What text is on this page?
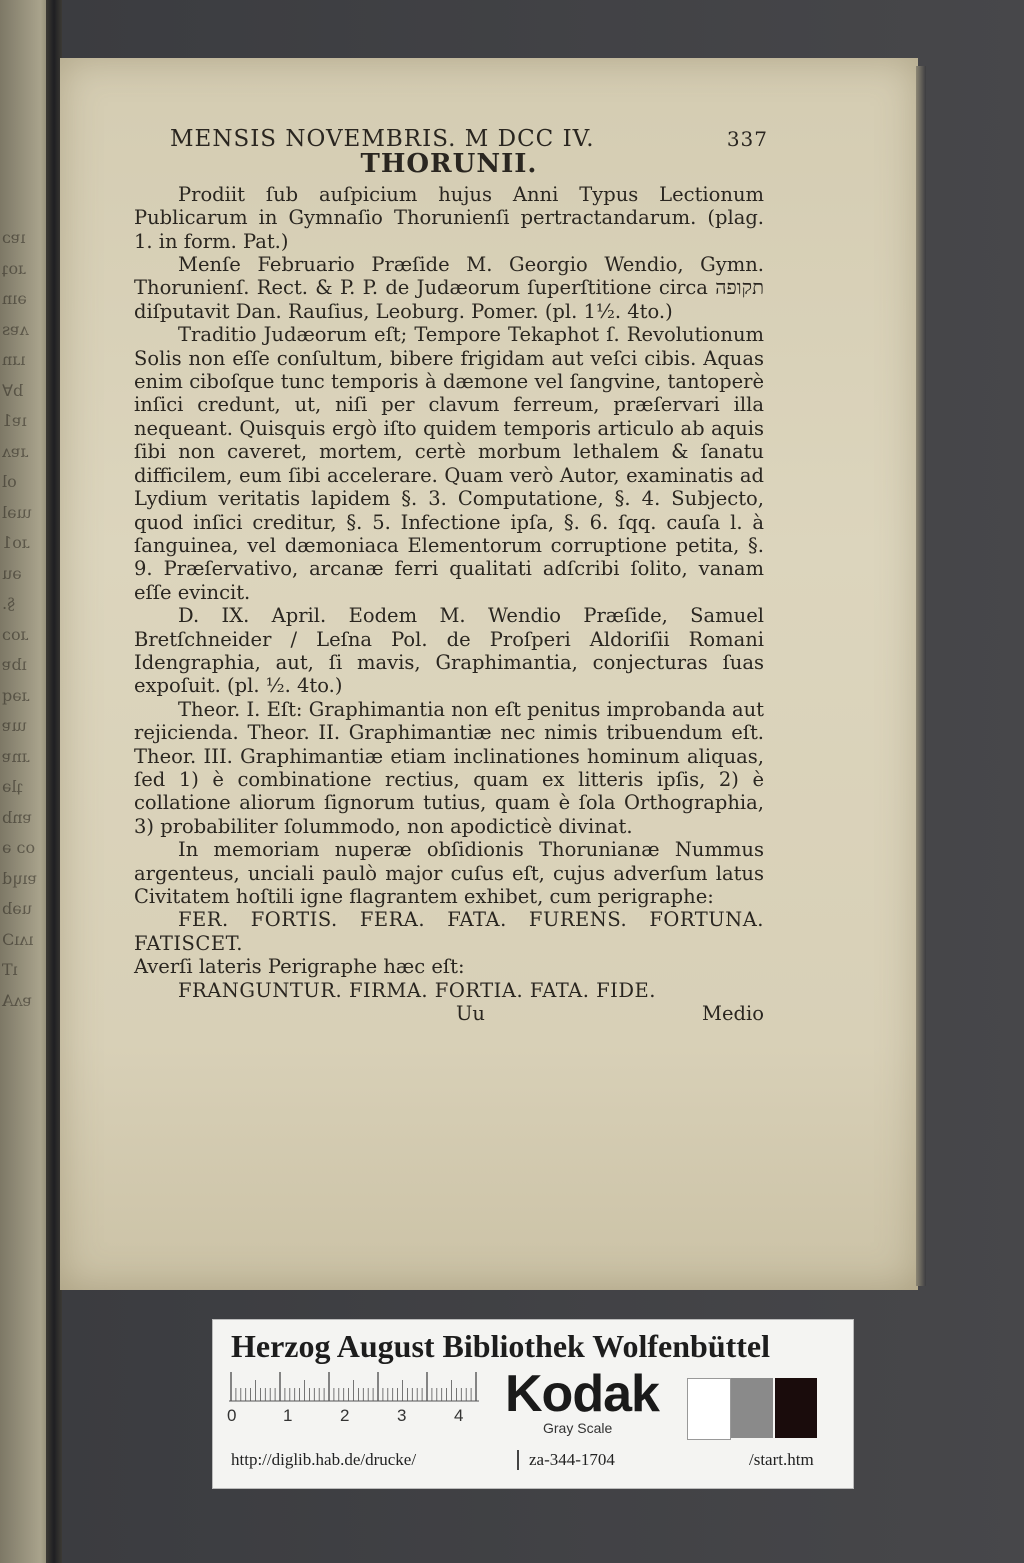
ıɐɔ
ɹoʇ
ǝın
ʌɐs
ıɹn
bꓯ
ıɐ1
ɹɐʌ
ol
ɯǝl
ɹo1
ǝu
§.
ɹoɔ
ıbɐ
ɹǝq
ɯɐ
ɹnɐ
ʇlǝ
ɐnb
oɔ ǝ
ɐıɥd
uǝb
ıʌıƆ
ıT
ɐʌA
MENSIS NOVEMBRIS. M DCC IV.	337
THORUNII.

Prodiit ſub auſpicium hujus Anni Typus Lectionum Publicarum in Gymnaſio Thorunienſi pertractandarum. (plag. 1. in form. Pat.)

Menſe Februario Præſide M. Georgio Wendio, Gymn. Thorunienſ. Rect. & P. P. de Judæorum ſuperſtitione circa תקופה diſputavit Dan. Rauſius, Leoburg. Pomer. (pl. 1½. 4to.)

Traditio Judæorum eſt; Tempore Tekaphot ſ. Revolutionum Solis non eſſe conſultum, bibere frigidam aut veſci cibis. Aquas enim ciboſque tunc temporis à dæmone vel ſangvine, tantoperè inſici credunt, ut, niſi per clavum ferreum, præſervari illa nequeant. Quisquis ergò iſto quidem temporis articulo ab aquis ſibi non caveret, mortem, certè morbum lethalem & ſanatu difficilem, eum ſibi accelerare. Quam verò Autor, examinatis ad Lydium veritatis lapidem §. 3. Computatione, §. 4. Subjecto, quod inſici creditur, §. 5. Infectione ipſa, §. 6. ſqq. cauſa l. à ſanguinea, vel dæmoniaca Elementorum corruptione petita, §. 9. Præſervativo, arcanæ ferri qualitati adſcribi ſolito, vanam eſſe evincit.

D. IX. April. Eodem M. Wendio Præſide, Samuel Bretſchneider / Leſna Pol. de Proſperi Aldoriſii Romani Idengraphia, aut, ſi mavis, Graphimantia, conjecturas ſuas expoſuit. (pl. ½. 4to.)

Theor. I. Eſt: Graphimantia non eſt penitus improbanda aut rejicienda. Theor. II. Graphimantiæ nec nimis tribuendum eſt. Theor. III. Graphimantiæ etiam inclinationes hominum aliquas, ſed 1) è combinatione rectius, quam ex litteris ipſis, 2) è collatione aliorum ſignorum tutius, quam è ſola Orthographia, 3) probabiliter ſolummodo, non apodicticè divinat.

In memoriam nuperæ obſidionis Thorunianæ Nummus argenteus, unciali paulò major cuſus eſt, cujus adverſum latus Civitatem hoſtili igne flagrantem exhibet, cum perigraphe:

FER. FORTIS. FERA. FATA. FURENS. FORTUNA. FATISCET.

Averſi lateris Perigraphe hæc eſt:

FRANGUNTUR. FIRMA. FORTIA. FATA. FIDE.

Uu	Medio
Herzog August Bibliothek Wolfenbüttel
0	1	2	3	4 Kodak
Gray Scale
http://diglib.hab.de/drucke/	za-344-1704	/start.htm
